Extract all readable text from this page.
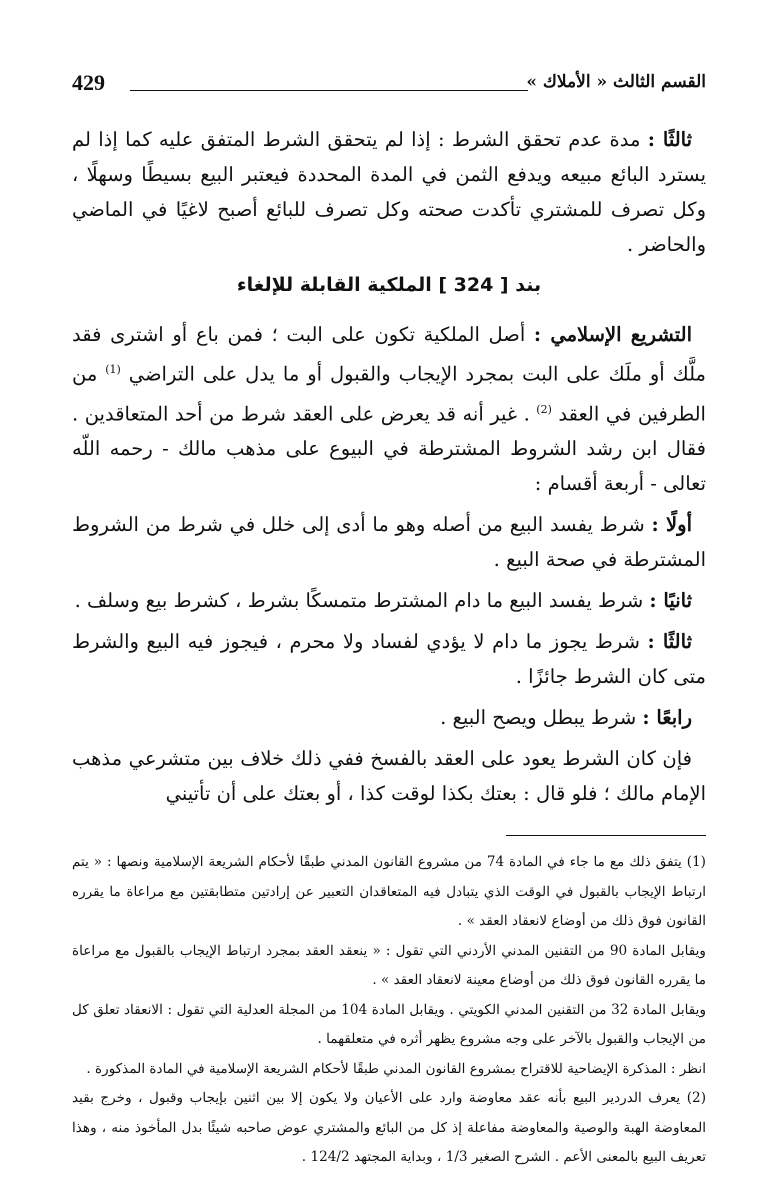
القسم الثالث « الأملاك »
429

ثالثًا : مدة عدم تحقق الشرط : إذا لم يتحقق الشرط المتفق عليه كما إذا لم يسترد البائع مبيعه ويدفع الثمن في المدة المحددة فيعتبر البيع بسيطًا وسهلًا ، وكل تصرف للمشتري تأكدت صحته وكل تصرف للبائع أصبح لاغيًا في الماضي والحاضر .

بند [ 324 ] الملكية القابلة للإلغاء

التشريع الإسلامي : أصل الملكية تكون على البت ؛ فمن باع أو اشترى فقد ملَّك أو ملَك على البت بمجرد الإيجاب والقبول أو ما يدل على التراضي $^{(1)}$ من الطرفين في العقد $^{(2)}$ . غير أنه قد يعرض على العقد شرط من أحد المتعاقدين . فقال ابن رشد الشروط المشترطة في البيوع على مذهب مالك - رحمه اللّه تعالى - أربعة أقسام :

أولًا : شرط يفسد البيع من أصله وهو ما أدى إلى خلل في شرط من الشروط المشترطة في صحة البيع .

ثانيًا : شرط يفسد البيع ما دام المشترط متمسكًا بشرط ، كشرط بيع وسلف .

ثالثًا : شرط يجوز ما دام لا يؤدي لفساد ولا محرم ، فيجوز فيه البيع والشرط متى كان الشرط جائزًا .

رابعًا : شرط يبطل ويصح البيع .

فإن كان الشرط يعود على العقد بالفسخ ففي ذلك خلاف بين متشرعي مذهب الإمام مالك ؛ فلو قال : بعتك بكذا لوقت كذا ، أو بعتك على أن تأتيني

(1) يتفق ذلك مع ما جاء في المادة 74 من مشروع القانون المدني طبقًا لأحكام الشريعة الإسلامية ونصها : « يتم ارتباط الإيجاب بالقبول في الوقت الذي يتبادل فيه المتعاقدان التعبير عن إرادتين متطابقتين مع مراعاة ما يقرره القانون فوق ذلك من أوضاع لانعقاد العقد » .

ويقابل المادة 90 من التقنين المدني الأردني التي تقول : « ينعقد العقد بمجرد ارتباط الإيجاب بالقبول مع مراعاة ما يقرره القانون فوق ذلك من أوضاع معينة لانعقاد العقد » .

ويقابل المادة 32 من التقنين المدني الكويتي . ويقابل المادة 104 من المجلة العدلية التي تقول : الانعقاد تعلق كل من الإيجاب والقبول بالآخر على وجه مشروع يظهر أثره في متعلقهما .

انظر : المذكرة الإيضاحية للاقتراح بمشروع القانون المدني طبقًا لأحكام الشريعة الإسلامية في المادة المذكورة .

(2) يعرف الدردير البيع بأنه عقد معاوضة وارد على الأعيان ولا يكون إلا بين اثنين بإيجاب وقبول ، وخرج بقيد المعاوضة الهبة والوصية والمعاوضة مفاعلة إذ كل من البائع والمشتري عوض صاحبه شيئًا بدل المأخوذ منه ، وهذا تعريف البيع بالمعنى الأعم . الشرح الصغير 1/3 ، وبداية المجتهد 124/2 .
